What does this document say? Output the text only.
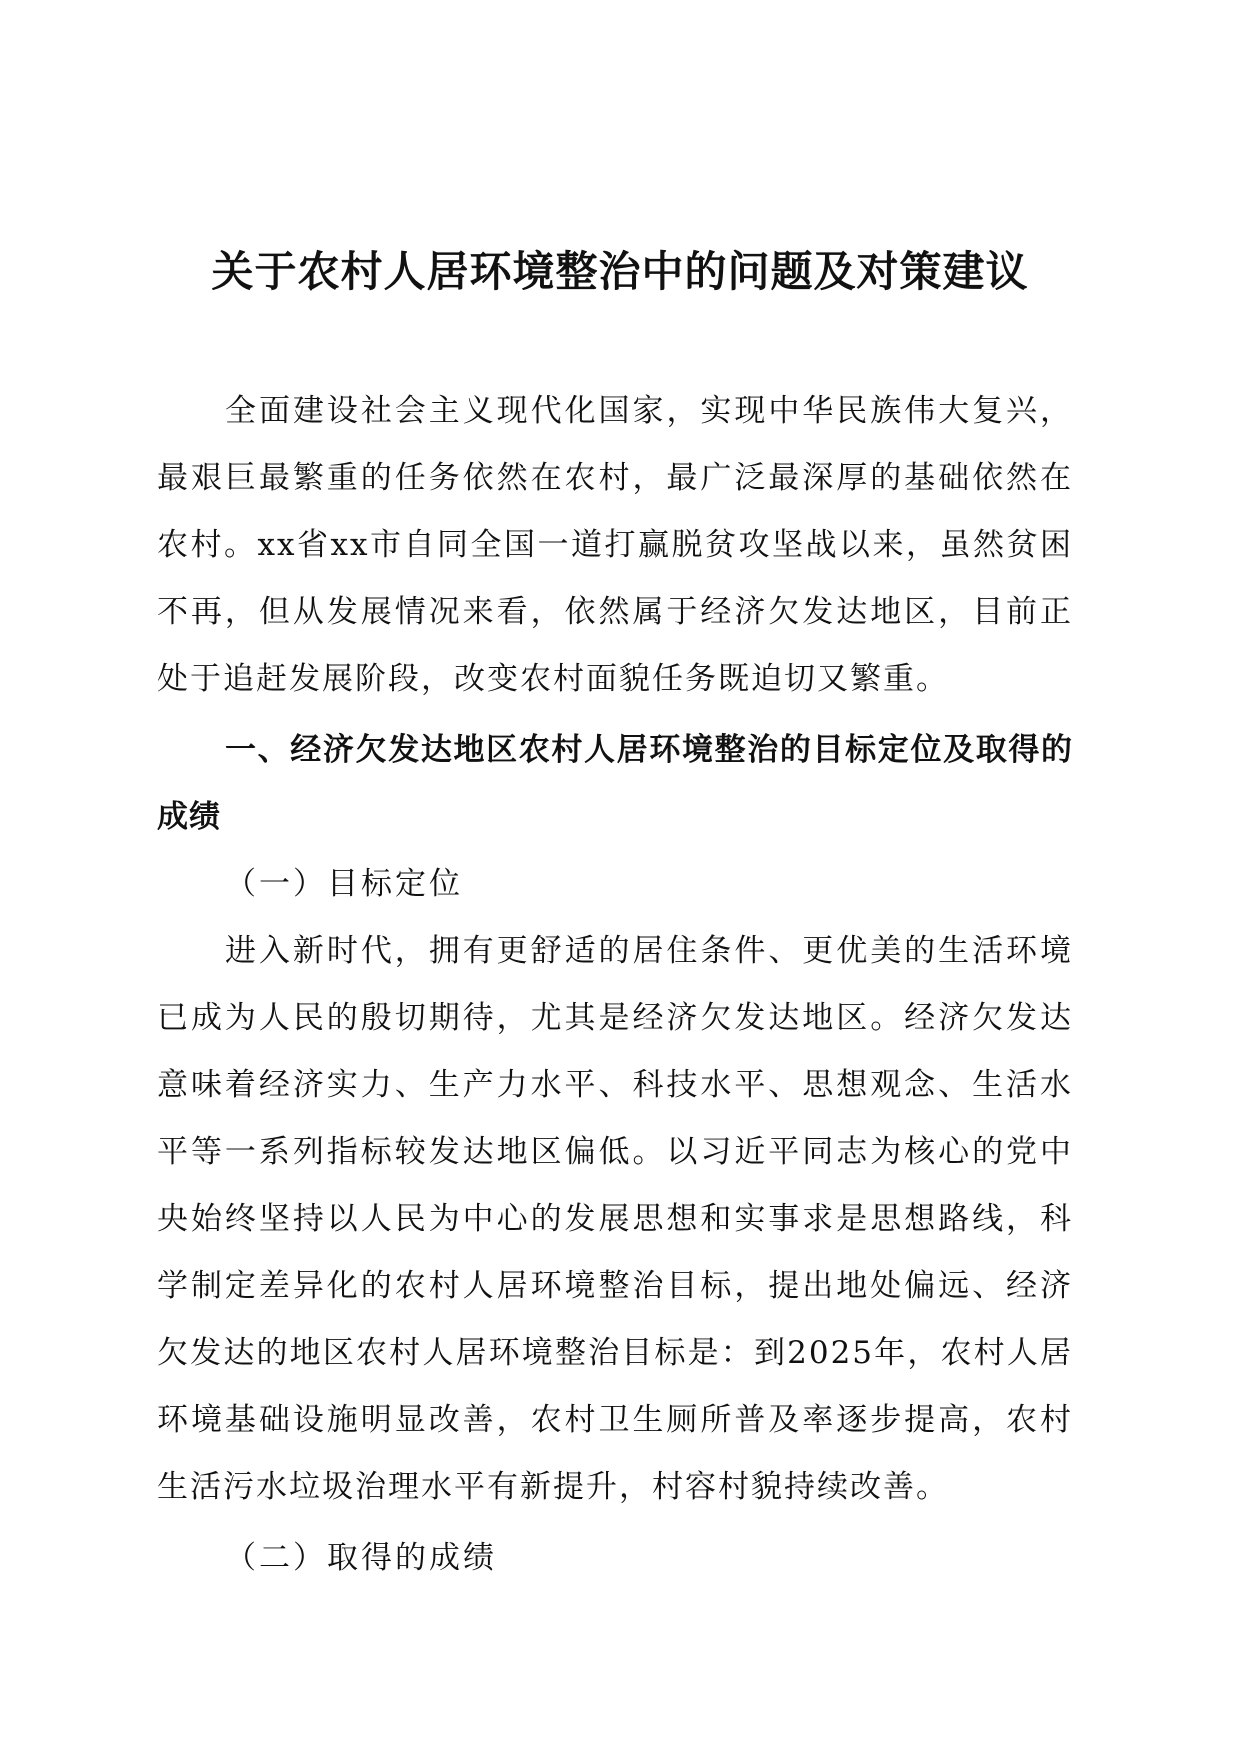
关于农村人居环境整治中的问题及对策建议

全面建设社会主义现代化国家，实现中华民族伟大复兴，最艰巨最繁重的任务依然在农村，最广泛最深厚的基础依然在农村。xx省xx市自同全国一道打赢脱贫攻坚战以来，虽然贫困不再，但从发展情况来看，依然属于经济欠发达地区，目前正处于追赶发展阶段，改变农村面貌任务既迫切又繁重。

一、经济欠发达地区农村人居环境整治的目标定位及取得的成绩

（一）目标定位

进入新时代，拥有更舒适的居住条件、更优美的生活环境已成为人民的殷切期待，尤其是经济欠发达地区。经济欠发达意味着经济实力、生产力水平、科技水平、思想观念、生活水平等一系列指标较发达地区偏低。以习近平同志为核心的党中央始终坚持以人民为中心的发展思想和实事求是思想路线，科学制定差异化的农村人居环境整治目标，提出地处偏远、经济欠发达的地区农村人居环境整治目标是：到2025年，农村人居环境基础设施明显改善，农村卫生厕所普及率逐步提高，农村生活污水垃圾治理水平有新提升，村容村貌持续改善。

（二）取得的成绩
